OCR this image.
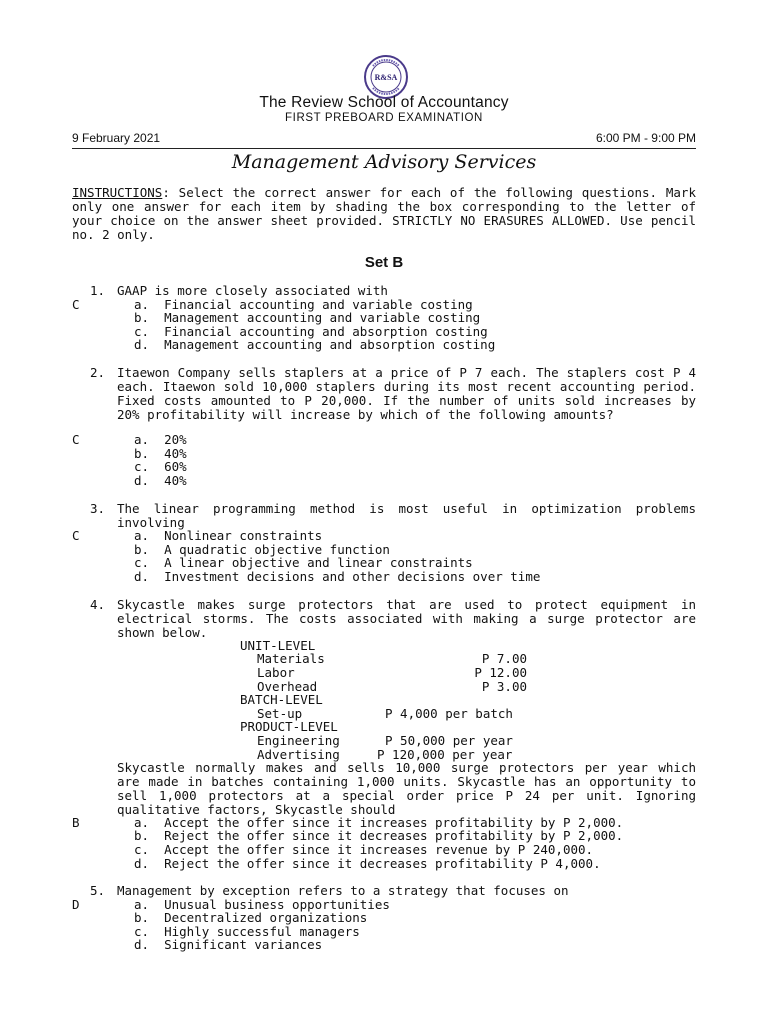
R&SA
The Review School of Accountancy
FIRST PREBOARD EXAMINATION
9 February 2021	6:00 PM - 9:00 PM
Management Advisory Services
INSTRUCTIONS: Select the correct answer for each of the following questions. Mark only one answer for each item by shading the box corresponding to the letter of your choice on the answer sheet provided. STRICTLY NO ERASURES ALLOWED. Use pencil no. 2 only.
Set B
1. GAAP is more closely associated with
C	a.  Financial accounting and variable costing
b.  Management accounting and variable costing
c.  Financial accounting and absorption costing
d.  Management accounting and absorption costing
2. Itaewon Company sells staplers at a price of P 7 each. The staplers cost P 4 each. Itaewon sold 10,000 staplers during its most recent accounting period. Fixed costs amounted to P 20,000. If the number of units sold increases by 20% profitability will increase by which of the following amounts?
C	a.  20%
b.  40%
c.  60%
d.  40%
3. The linear programming method is most useful in optimization problems involving
C	a.  Nonlinear constraints
b.  A quadratic objective function
c.  A linear objective and linear constraints
d.  Investment decisions and other decisions over time
4. Skycastle makes surge protectors that are used to protect equipment in electrical storms. The costs associated with making a surge protector are shown below.
UNIT-LEVEL
Materials	P 7.00
Labor	P 12.00
Overhead	P 3.00
BATCH-LEVEL
Set-up	P 4,000 per batch
PRODUCT-LEVEL
Engineering	P 50,000 per year
Advertising	P 120,000 per year
Skycastle normally makes and sells 10,000 surge protectors per year which are made in batches containing 1,000 units. Skycastle has an opportunity to sell 1,000 protectors at a special order price P 24 per unit. Ignoring qualitative factors, Skycastle should
B	a.  Accept the offer since it increases profitability by P 2,000.
b.  Reject the offer since it decreases profitability by P 2,000.
c.  Accept the offer since it increases revenue by P 240,000.
d.  Reject the offer since it decreases profitability P 4,000.
5. Management by exception refers to a strategy that focuses on
D	a.  Unusual business opportunities
b.  Decentralized organizations
c.  Highly successful managers
d.  Significant variances
